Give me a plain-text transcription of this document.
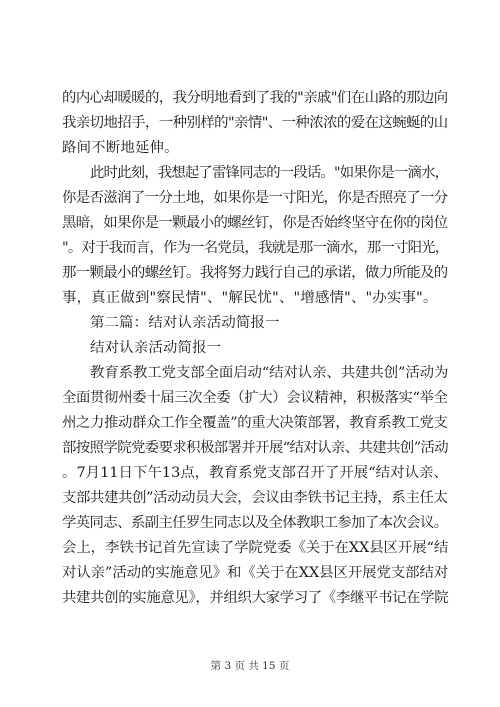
的内心却暖暖的，我分明地看到了我的"亲戚"们在山路的那边向
我亲切地招手，一种别样的"亲情"、一种浓浓的爱在这蜿蜒的山
路间不断地延伸。
此时此刻，我想起了雷锋同志的一段话。"如果你是一滴水，
你是否滋润了一分土地，如果你是一寸阳光，你是否照亮了一分
黑暗，如果你是一颗最小的螺丝钉，你是否始终坚守在你的岗位
"。对于我而言，作为一名党员，我就是那一滴水，那一寸阳光，
那一颗最小的螺丝钉。我将努力践行自己的承诺，做力所能及的
事，真正做到"察民情"、"解民忧"、"增感情"、"办实事"。
第二篇：结对认亲活动简报一
结对认亲活动简报一
教育系教工党支部全面启动“结对认亲、共建共创”活动为
全面贯彻州委十届三次全委（扩大）会议精神，积极落实“举全
州之力推动群众工作全覆盖”的重大决策部署，教育系教工党支
部按照学院党委要求积极部署并开展“结对认亲、共建共创”活动
。7月11日下午13点，教育系党支部召开了开展“结对认亲、
支部共建共创”活动动员大会，会议由李铁书记主持，系主任太
学英同志、系副主任罗生同志以及全体教职工参加了本次会议。
会上，李铁书记首先宣读了学院党委《关于在XX县区开展“结
对认亲”活动的实施意见》和《关于在XX县区开展党支部结对
共建共创的实施意见》，并组织大家学习了《李继平书记在学院
第 3 页 共 15 页
